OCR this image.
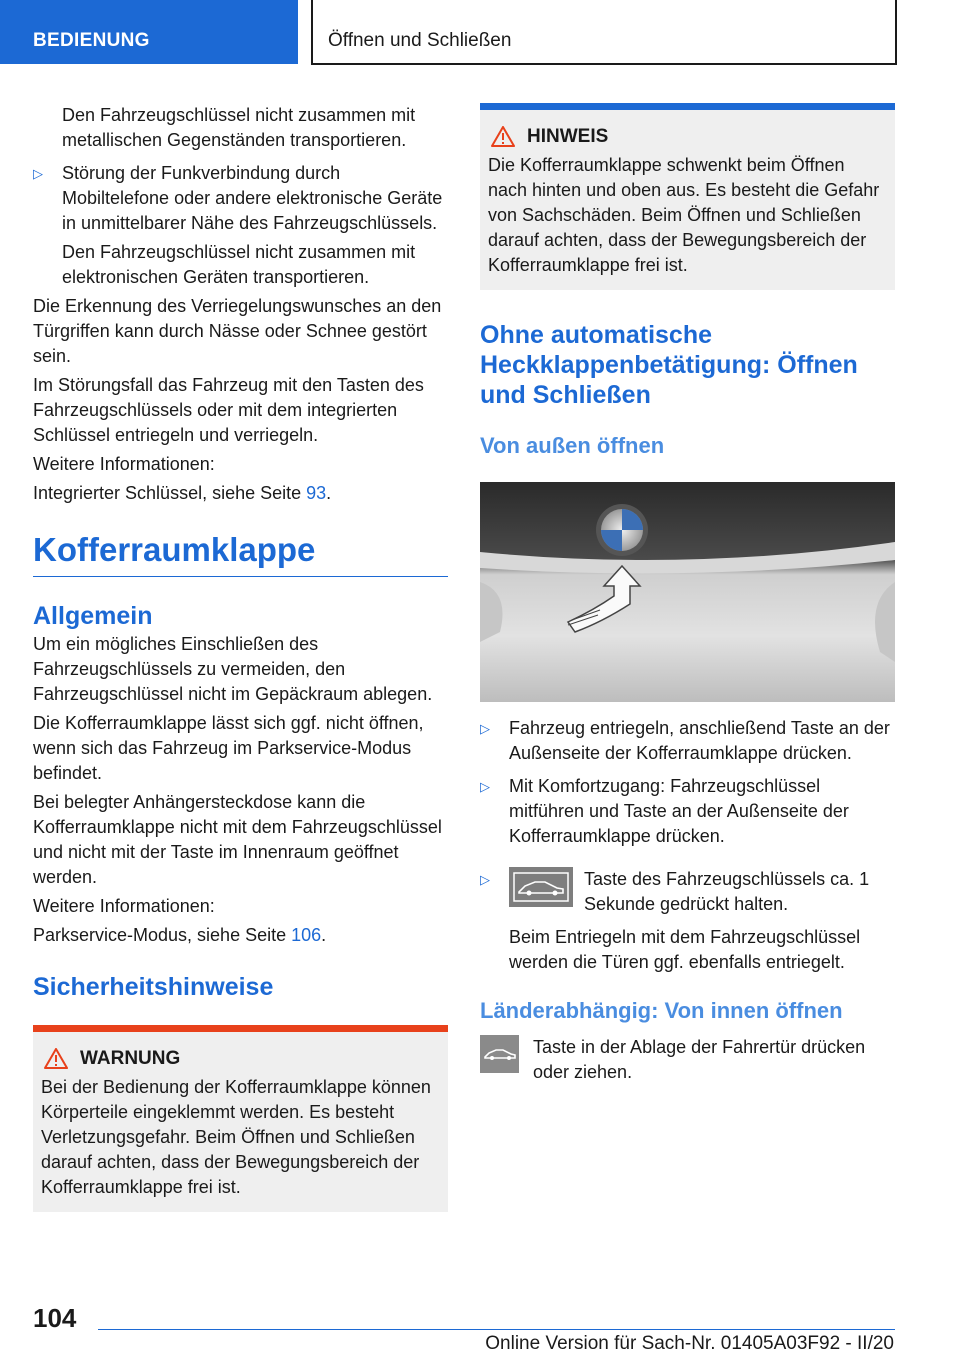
BEDIENUNG	Öffnen und Schließen

Den Fahrzeugschlüssel nicht zusammen mit metallischen Gegenständen transportieren.

▷ Störung der Funkverbindung durch Mobiltelefone oder andere elektronische Geräte in unmittelbarer Nähe des Fahrzeugschlüssels.

Den Fahrzeugschlüssel nicht zusammen mit elektronischen Geräten transportieren.

Die Erkennung des Verriegelungswunsches an den Türgriffen kann durch Nässe oder Schnee gestört sein.

Im Störungsfall das Fahrzeug mit den Tasten des Fahrzeugschlüssels oder mit dem integrierten Schlüssel entriegeln und verriegeln.

Weitere Informationen:

Integrierter Schlüssel, siehe Seite 93.

Kofferraumklappe
Allgemein

Um ein mögliches Einschließen des Fahrzeugschlüssels zu vermeiden, den Fahrzeugschlüssel nicht im Gepäckraum ablegen.

Die Kofferraumklappe lässt sich ggf. nicht öffnen, wenn sich das Fahrzeug im Parkservice-Modus befindet.

Bei belegter Anhängersteckdose kann die Kofferraumklappe nicht mit dem Fahrzeugschlüssel und nicht mit der Taste im Innenraum geöffnet werden.

Weitere Informationen:

Parkservice-Modus, siehe Seite 106.

Sicherheitshinweise
WARNUNG

Bei der Bedienung der Kofferraumklappe können Körperteile eingeklemmt werden. Es besteht Verletzungsgefahr. Beim Öffnen und Schließen darauf achten, dass der Bewegungsbereich der Kofferraumklappe frei ist.

HINWEIS

Die Kofferraumklappe schwenkt beim Öffnen nach hinten und oben aus. Es besteht die Gefahr von Sachschäden. Beim Öffnen und Schließen darauf achten, dass der Bewegungsbereich der Kofferraumklappe frei ist.

Ohne automatische Heckklappenbetätigung: Öffnen und Schließen
Von außen öffnen
▷ Fahrzeug entriegeln, anschließend Taste an der Außenseite der Kofferraumklappe drücken.

▷ Mit Komfortzugang: Fahrzeugschlüssel mitführen und Taste an der Außenseite der Kofferraumklappe drücken.

▷	Taste des Fahrzeugschlüssels ca. 1 Sekunde gedrückt halten.

Beim Entriegeln mit dem Fahrzeugschlüssel werden die Türen ggf. ebenfalls entriegelt.

Länderabhängig: Von innen öffnen

Taste in der Ablage der Fahrertür drücken oder ziehen.

104
Online Version für Sach-Nr. 01405A03F92 - II/20
